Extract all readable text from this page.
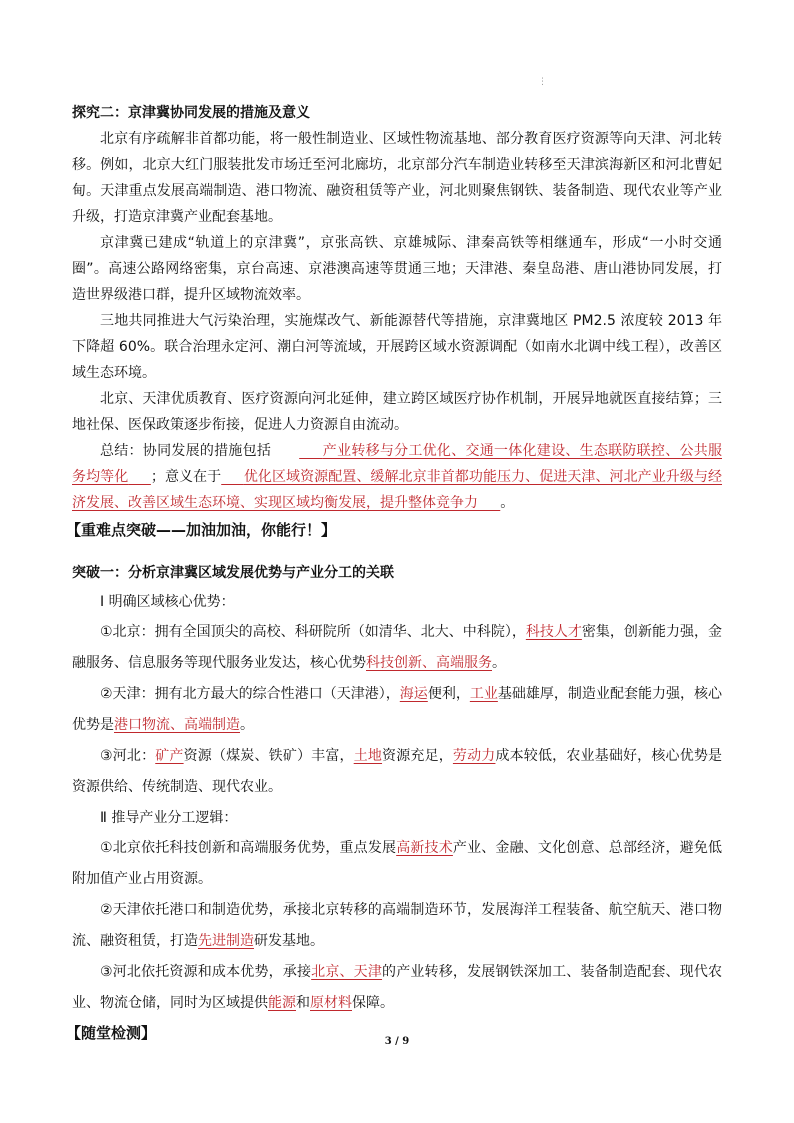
⋮

探究二：京津冀协同发展的措施及意义

北京有序疏解非首都功能，将一般性制造业、区域性物流基地、部分教育医疗资源等向天津、河北转移。例如，北京大红门服装批发市场迁至河北廊坊，北京部分汽车制造业转移至天津滨海新区和河北曹妃甸。天津重点发展高端制造、港口物流、融资租赁等产业，河北则聚焦钢铁、装备制造、现代农业等产业升级，打造京津冀产业配套基地。

京津冀已建成“轨道上的京津冀”，京张高铁、京雄城际、津秦高铁等相继通车，形成“一小时交通圈”。高速公路网络密集，京台高速、京港澳高速等贯通三地；天津港、秦皇岛港、唐山港协同发展，打造世界级港口群，提升区域物流效率。

三地共同推进大气污染治理，实施煤改气、新能源替代等措施，京津冀地区 PM2.5 浓度较 2013 年下降超 60%。联合治理永定河、潮白河等流域，开展跨区域水资源调配（如南水北调中线工程），改善区域生态环境。

北京、天津优质教育、医疗资源向河北延伸，建立跨区域医疗协作机制，开展异地就医直接结算；三地社保、医保政策逐步衔接，促进人力资源自由流动。

总结：协同发展的措施包括	产业转移与分工优化、交通一体化建设、生态联防联控、公共服务均等化 ；意义在于 优化区域资源配置、缓解北京非首都功能压力、促进天津、河北产业升级与经济发展、改善区域生态环境、实现区域均衡发展，提升整体竞争力 。

【重难点突破——加油加油，你能行！】

突破一：分析京津冀区域发展优势与产业分工的关联

Ⅰ 明确区域核心优势：

①北京：拥有全国顶尖的高校、科研院所（如清华、北大、中科院），科技人才密集，创新能力强，金融服务、信息服务等现代服务业发达，核心优势科技创新、高端服务。

②天津：拥有北方最大的综合性港口（天津港），海运便利，工业基础雄厚，制造业配套能力强，核心优势是港口物流、高端制造。

③河北：矿产资源（煤炭、铁矿）丰富，土地资源充足，劳动力成本较低，农业基础好，核心优势是资源供给、传统制造、现代农业。

Ⅱ 推导产业分工逻辑：

①北京依托科技创新和高端服务优势，重点发展高新技术产业、金融、文化创意、总部经济，避免低附加值产业占用资源。

②天津依托港口和制造优势，承接北京转移的高端制造环节，发展海洋工程装备、航空航天、港口物流、融资租赁，打造先进制造研发基地。

③河北依托资源和成本优势，承接北京、天津的产业转移，发展钢铁深加工、装备制造配套、现代农业、物流仓储，同时为区域提供能源和原材料保障。

【随堂检测】	3 / 9
